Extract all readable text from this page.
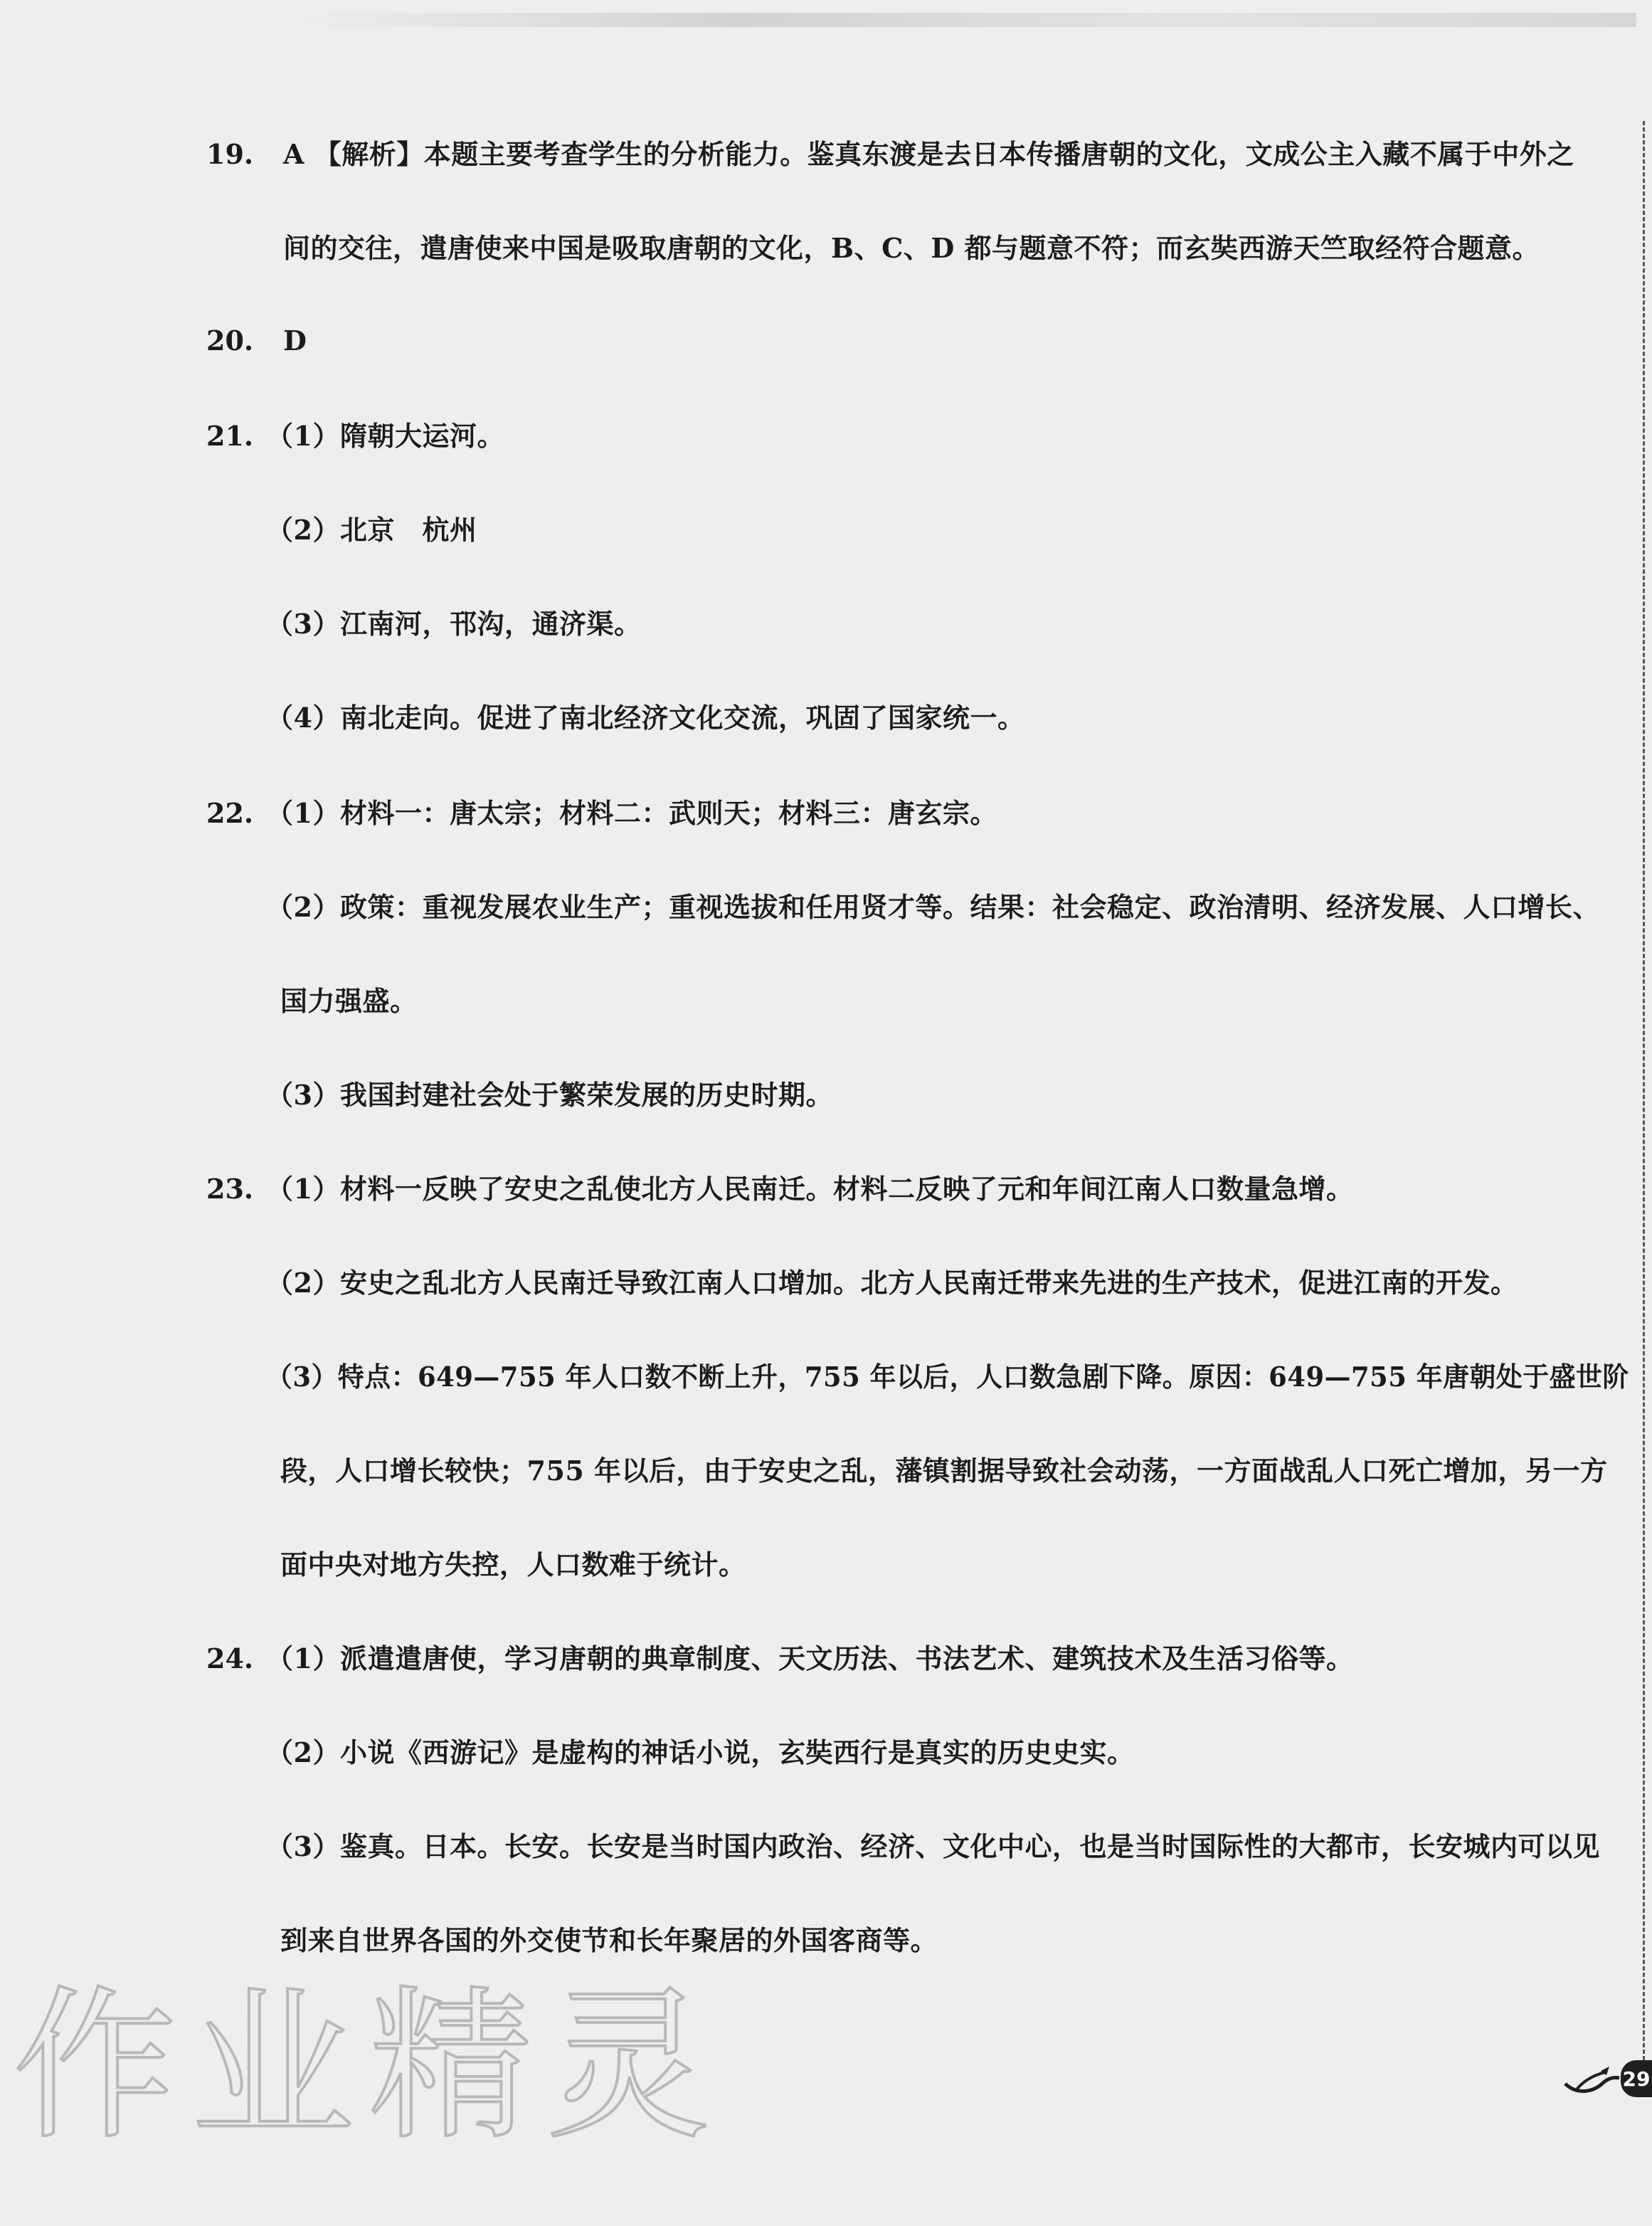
19. A 【解析】本题主要考查学生的分析能力。鉴真东渡是去日本传播唐朝的文化，文成公主入藏不属于中外之
间的交往，遣唐使来中国是吸取唐朝的文化，B、C、D 都与题意不符；而玄奘西游天竺取经符合题意。
20. D
21. （1）隋朝大运河。
（2）北京　杭州
（3）江南河，邗沟，通济渠。
（4）南北走向。促进了南北经济文化交流，巩固了国家统一。
22. （1）材料一：唐太宗；材料二：武则天；材料三：唐玄宗。
（2）政策：重视发展农业生产；重视选拔和任用贤才等。结果：社会稳定、政治清明、经济发展、人口增长、
国力强盛。
（3）我国封建社会处于繁荣发展的历史时期。
23. （1）材料一反映了安史之乱使北方人民南迁。材料二反映了元和年间江南人口数量急增。
（2）安史之乱北方人民南迁导致江南人口增加。北方人民南迁带来先进的生产技术，促进江南的开发。
（3）特点：649—755 年人口数不断上升，755 年以后，人口数急剧下降。原因：649—755 年唐朝处于盛世阶
段，人口增长较快；755 年以后，由于安史之乱，藩镇割据导致社会动荡，一方面战乱人口死亡增加，另一方
面中央对地方失控，人口数难于统计。
24. （1）派遣遣唐使，学习唐朝的典章制度、天文历法、书法艺术、建筑技术及生活习俗等。
（2）小说《西游记》是虚构的神话小说，玄奘西行是真实的历史史实。
（3）鉴真。日本。长安。长安是当时国内政治、经济、文化中心，也是当时国际性的大都市，长安城内可以见
到来自世界各国的外交使节和长年聚居的外国客商等。
作业精灵	29
